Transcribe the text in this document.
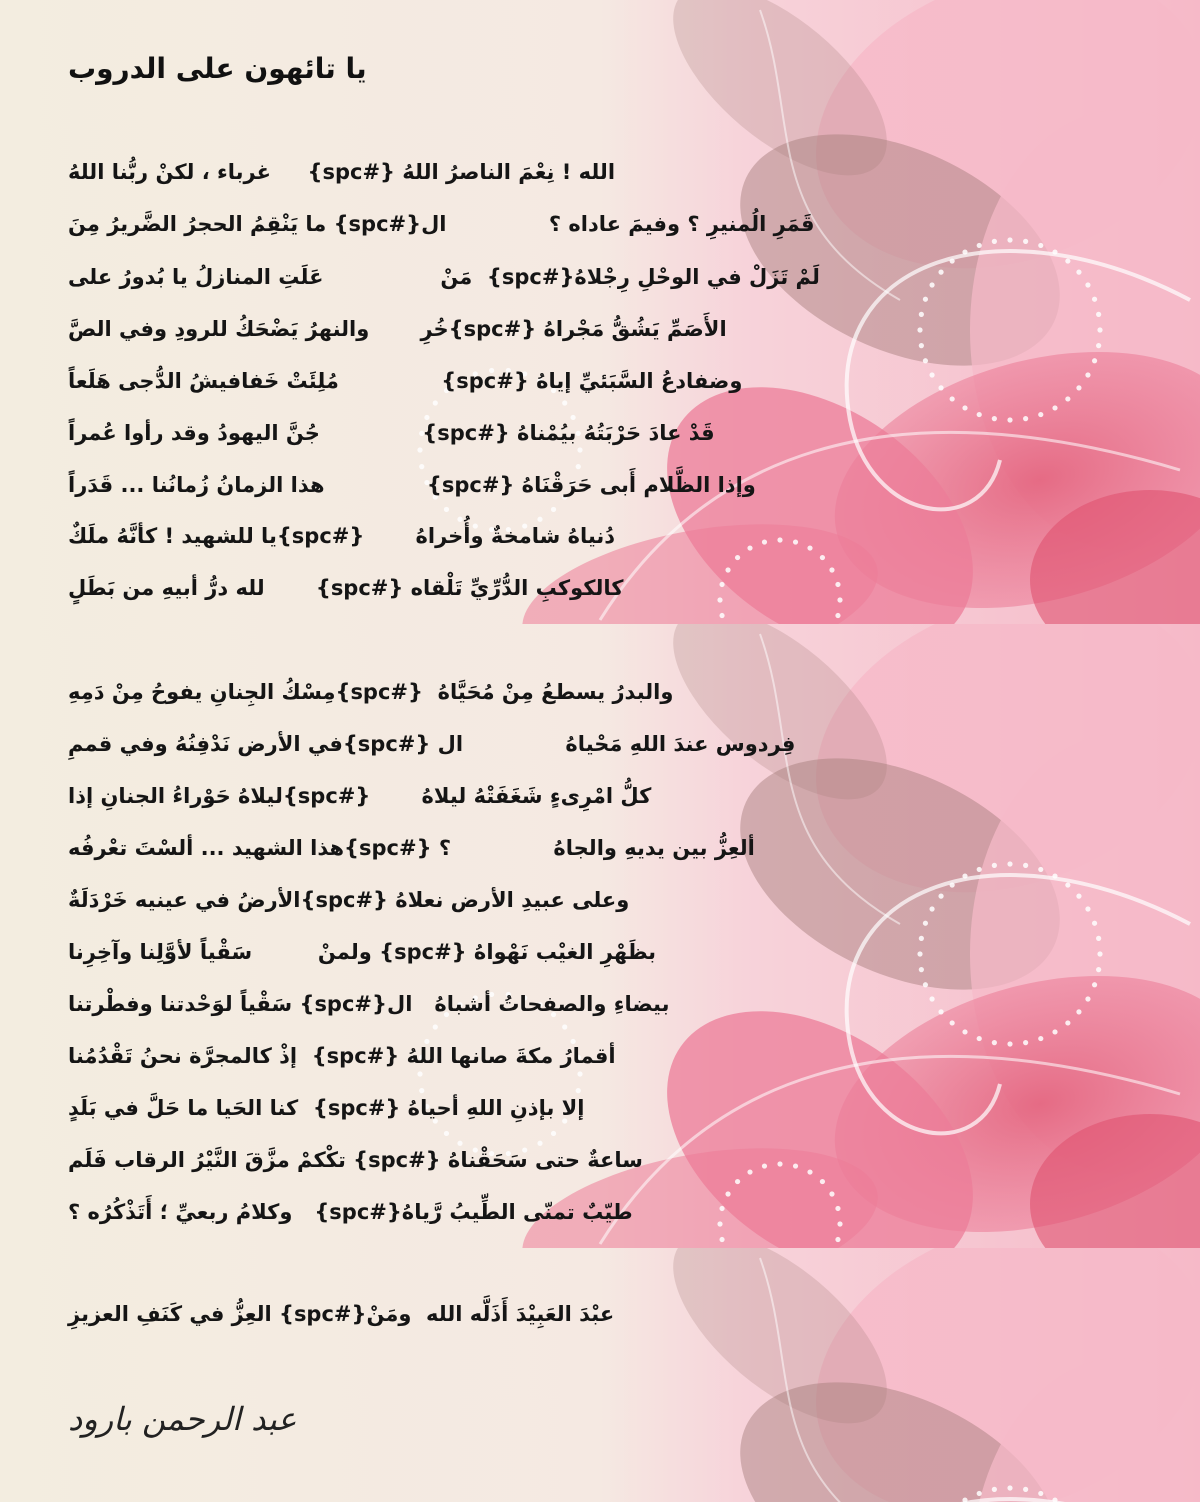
يا تائهون على الدروب
الله ! نِعْمَ الناصرُ اللهُ {#spc}     غرباء ، لكنْ ربُّنا اللهُ
قَمَرِ الُمنيرِ ؟ وفيمَ عاداه ؟              ال{#spc} ما يَنْقِمُ الحجرُ الضَّريرُ مِنَ
لَمْ تَزَلْ في الوحْلِ رِجْلاهُ{#spc}  مَنْ                عَلَتِ المنازلُ يا بُدورُ على
الأَصَمِّ يَشُقُّ مَجْراهُ {#spc}خُرِ       والنهرُ يَضْحَكُ للرودِ وفي الصَّ
وضفادعُ السَّبَئيِّ إياهُ {#spc}              مُلِئَتْ خَفافيشُ الدُّجى هَلَعاً
قَدْ عادَ حَرْبَتُهُ بيُمْناهُ {#spc}              جُنَّ اليهودُ وقد رأوا عُمراً
وإذا الظَّلام أَبى حَرَقْنَاهُ {#spc}              هذا الزمانُ زُمانُنا ... قَدَراً
دُنياهُ شامخةٌ وأُخراهُ       {#spc}يا للشهيد ! كأنَّهُ ملَكٌ
كالكوكبِ الدُّرِّيِّ تَلْقاه {#spc}       لله درُّ أبيهِ من بَطَلٍ
والبدرُ يسطعُ مِنْ مُحَيَّاهُ  {#spc}مِسْكُ الجِنانِ يفوحُ مِنْ دَمِهِ
فِردوس عندَ اللهِ مَحْياهُ              ال {#spc}في الأرض نَدْفِنُهُ وفي قممِ
كلُّ امْرِىءٍ شَغَفَتْهُ ليلاهُ       {#spc}ليلاهُ حَوْراءُ الجنانِ إذا
ألعِزُّ بين يديهِ والجاهُ              ؟ {#spc}هذا الشهيد ... ألسْتَ تعْرفُه
وعلى عبيدِ الأرض نعلاهُ {#spc}الأرضُ في عينيه خَرْدَلَةٌ
بظَهْرِ الغيْب نَهْواهُ {#spc} ولمنْ         سَقْياً لأوَّلِنا وآخِرِنا
بيضاءِ والصفحاتُ أشباهُ   ال{#spc} سَقْياً لوَحْدتنا وفطْرتنا
أقمارُ مكةَ صانها اللهُ {#spc}  إذْ كالمجرَّة نحنُ تَقْدُمُنا
إلا بإذنِ اللهِ أحياهُ {#spc}  كنا الحَيا ما حَلَّ في بَلَدٍ
ساعةٌ حتى سَحَقْناهُ {#spc} تكْكمْ مزَّقَ النَّيْرُ الرقاب فَلَم
طيّبٌ تمنّى الطِّيبُ رَّياهُ{#spc}   وكلامُ ربعيِّ ؛ أَتَذْكُرُه ؟
عبْدَ العَبِيْدَ أَذَلَّه الله  ومَنْ{#spc} العِزُّ في كَنَفِ العزيزِ
عبد الرحمن بارود
